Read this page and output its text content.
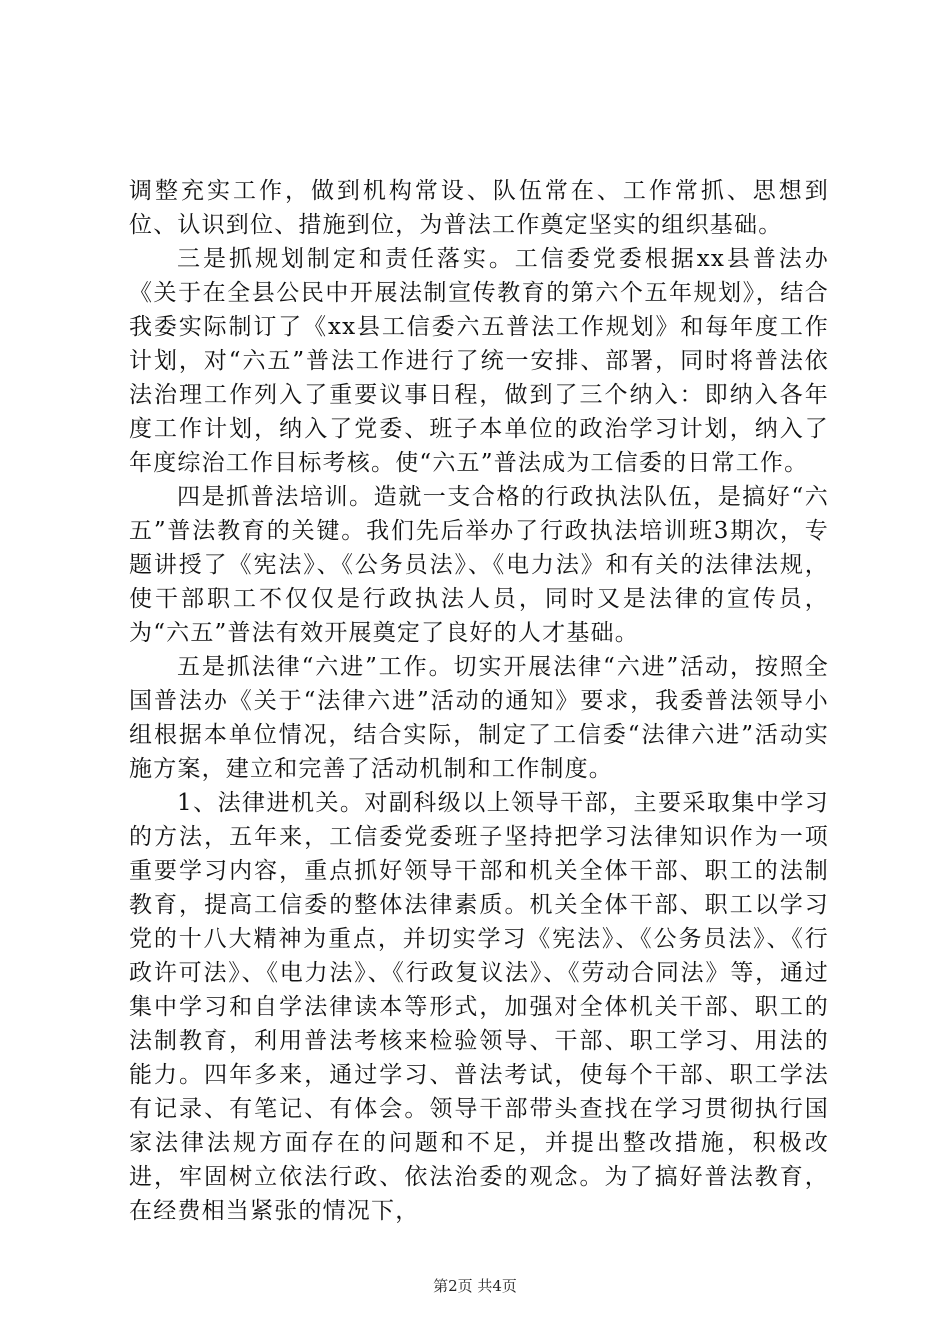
调整充实工作，做到机构常设、队伍常在、工作常抓、思想到位、认识到位、措施到位，为普法工作奠定坚实的组织基础。

三是抓规划制定和责任落实。工信委党委根据xx县普法办《关于在全县公民中开展法制宣传教育的第六个五年规划》，结合我委实际制订了《xx县工信委六五普法工作规划》和每年度工作计划，对“六五”普法工作进行了统一安排、部署，同时将普法依法治理工作列入了重要议事日程，做到了三个纳入：即纳入各年度工作计划，纳入了党委、班子本单位的政治学习计划，纳入了年度综治工作目标考核。使“六五”普法成为工信委的日常工作。

四是抓普法培训。造就一支合格的行政执法队伍，是搞好“六五”普法教育的关键。我们先后举办了行政执法培训班3期次，专题讲授了《宪法》、《公务员法》、《电力法》和有关的法律法规，使干部职工不仅仅是行政执法人员，同时又是法律的宣传员，为“六五”普法有效开展奠定了良好的人才基础。

五是抓法律“六进”工作。切实开展法律“六进”活动，按照全国普法办《关于“法律六进”活动的通知》要求，我委普法领导小组根据本单位情况，结合实际，制定了工信委“法律六进”活动实施方案，建立和完善了活动机制和工作制度。

1、法律进机关。对副科级以上领导干部，主要采取集中学习的方法，五年来，工信委党委班子坚持把学习法律知识作为一项重要学习内容，重点抓好领导干部和机关全体干部、职工的法制教育，提高工信委的整体法律素质。机关全体干部、职工以学习党的十八大精神为重点，并切实学习《宪法》、《公务员法》、《行政许可法》、《电力法》、《行政复议法》、《劳动合同法》等，通过集中学习和自学法律读本等形式，加强对全体机关干部、职工的法制教育，利用普法考核来检验领导、干部、职工学习、用法的能力。四年多来，通过学习、普法考试，使每个干部、职工学法有记录、有笔记、有体会。领导干部带头查找在学习贯彻执行国家法律法规方面存在的问题和不足，并提出整改措施，积极改进，牢固树立依法行政、依法治委的观念。为了搞好普法教育，在经费相当紧张的情况下，

第2页 共4页
